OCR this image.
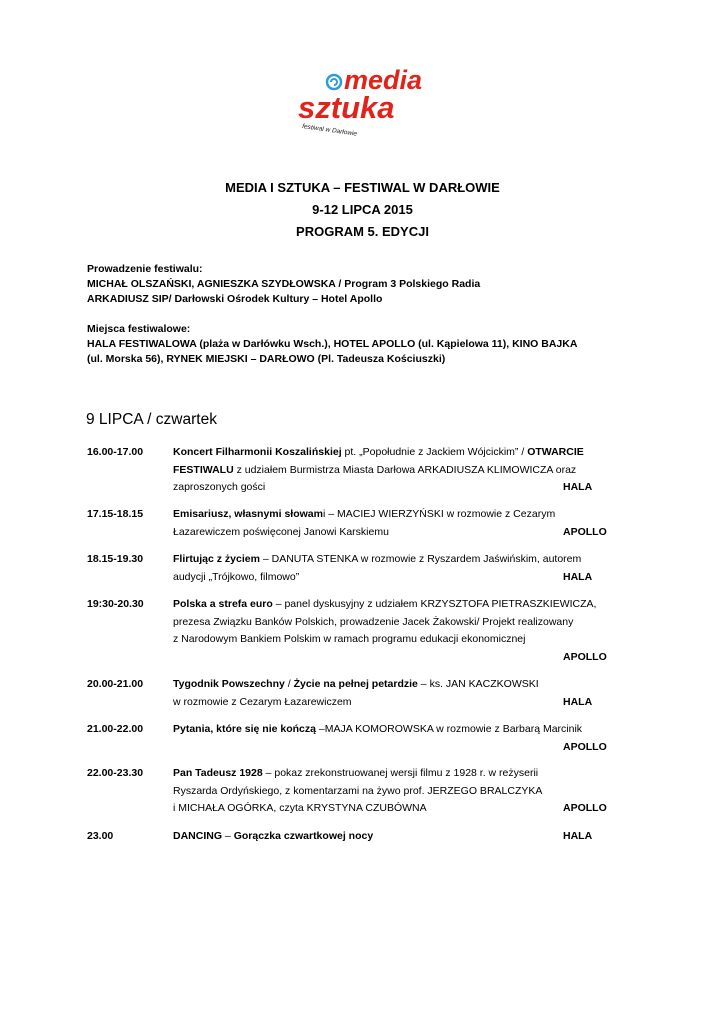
media
sztuka
festiwal w Darłowie
MEDIA I SZTUKA – FESTIWAL W DARŁOWIE
9-12 LIPCA 2015
PROGRAM 5. EDYCJI
Prowadzenie festiwalu:
MICHAŁ OLSZAŃSKI, AGNIESZKA SZYDŁOWSKA / Program 3 Polskiego Radia
ARKADIUSZ SIP/ Darłowski Ośrodek Kultury – Hotel Apollo
Miejsca festiwalowe:
HALA FESTIWALOWA (plaża w Darłówku Wsch.), HOTEL APOLLO (ul. Kąpielowa 11), KINO BAJKA
(ul. Morska 56), RYNEK MIEJSKI – DARŁOWO (Pl. Tadeusza Kościuszki)
9 LIPCA / czwartek
16.00-17.00	Koncert Filharmonii Koszalińskiej pt. „Popołudnie z Jackiem Wójcickim” / OTWARCIE
FESTIWALU z udziałem Burmistrza Miasta Darłowa ARKADIUSZA KLIMOWICZA oraz
zaproszonych gości	HALA
17.15-18.15	Emisariusz, własnymi słowami – MACIEJ WIERZYŃSKI w rozmowie z Cezarym
Łazarewiczem poświęconej Janowi Karskiemu	APOLLO
18.15-19.30	Flirtując z życiem – DANUTA STENKA w rozmowie z Ryszardem Jaświńskim, autorem
audycji „Trójkowo, filmowo”	HALA
19:30-20.30	Polska a strefa euro – panel dyskusyjny z udziałem KRZYSZTOFA PIETRASZKIEWICZA,
prezesa Związku Banków Polskich, prowadzenie Jacek Żakowski/ Projekt realizowany
z Narodowym Bankiem Polskim w ramach programu edukacji ekonomicznej
APOLLO
20.00-21.00	Tygodnik Powszechny / Życie na pełnej petardzie – ks. JAN KACZKOWSKI
w rozmowie z Cezarym Łazarewiczem	HALA
21.00-22.00	Pytania, które się nie kończą –MAJA KOMOROWSKA w rozmowie z Barbarą Marcinik
APOLLO
22.00-23.30	Pan Tadeusz 1928 – pokaz zrekonstruowanej wersji filmu z 1928 r. w reżyserii
Ryszarda Ordyńskiego, z komentarzami na żywo prof. JERZEGO BRALCZYKA
i MICHAŁA OGÓRKA, czyta KRYSTYNA CZUBÓWNA	APOLLO
23.00	DANCING – Gorączka czwartkowej nocy	HALA
